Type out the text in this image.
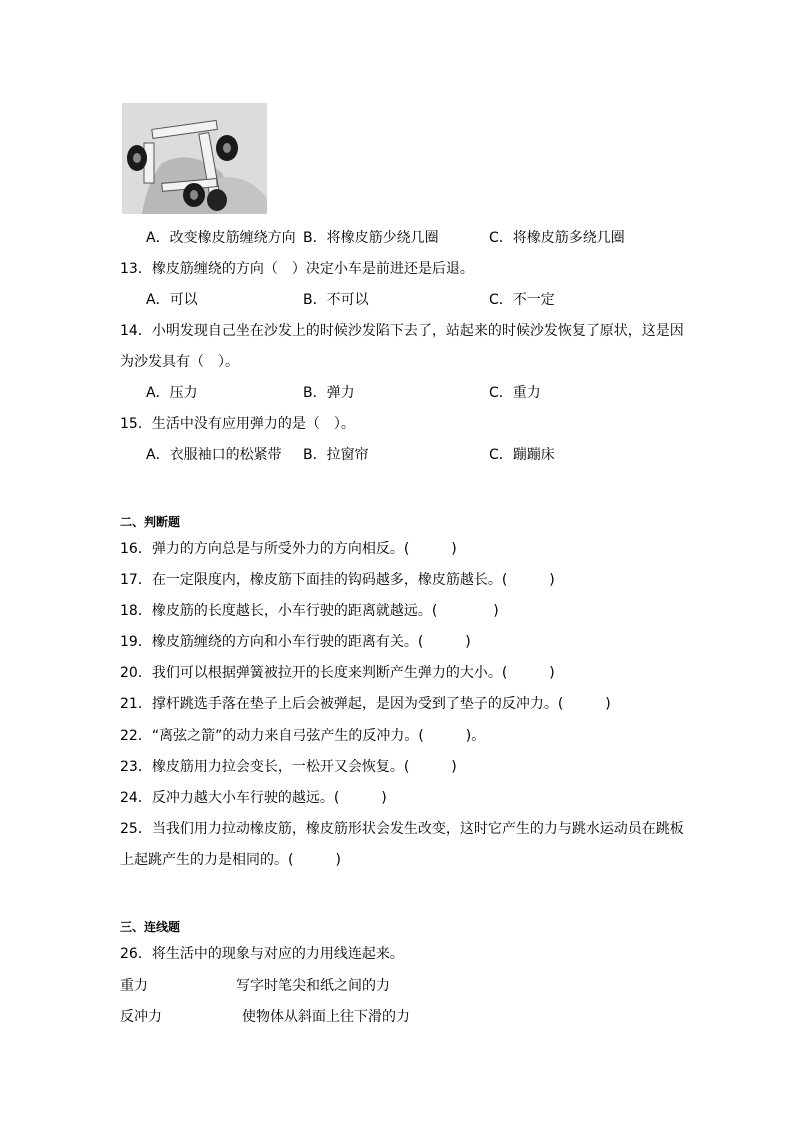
A．改变橡皮筋缠绕方向 B．将橡皮筋少绕几圈	C．将橡皮筋多绕几圈
13．橡皮筋缠绕的方向（　）决定小车是前进还是后退。
A．可以	B．不可以	C．不一定
14．小明发现自己坐在沙发上的时候沙发陷下去了，站起来的时候沙发恢复了原状，这是因
为沙发具有（　）。
A．压力	B．弹力	C．重力
15．生活中没有应用弹力的是（　）。
A．衣服袖口的松紧带 B．拉窗帘	C．蹦蹦床
二、判断题
16．弹力的方向总是与所受外力的方向相反。(　　　)
17．在一定限度内，橡皮筋下面挂的钩码越多，橡皮筋越长。(　　　)
18．橡皮筋的长度越长，小车行驶的距离就越远。(　　　　)
19．橡皮筋缠绕的方向和小车行驶的距离有关。(　　　)
20．我们可以根据弹簧被拉开的长度来判断产生弹力的大小。(　　　)
21．撑杆跳选手落在垫子上后会被弹起，是因为受到了垫子的反冲力。(　　　)
22．“离弦之箭”的动力来自弓弦产生的反冲力。(　　　)。
23．橡皮筋用力拉会变长，一松开又会恢复。(　　　)
24．反冲力越大小车行驶的越远。(　　　)
25．当我们用力拉动橡皮筋，橡皮筋形状会发生改变，这时它产生的力与跳水运动员在跳板
上起跳产生的力是相同的。(　　　)
三、连线题
26．将生活中的现象与对应的力用线连起来。
重力	写字时笔尖和纸之间的力
反冲力	使物体从斜面上往下滑的力
